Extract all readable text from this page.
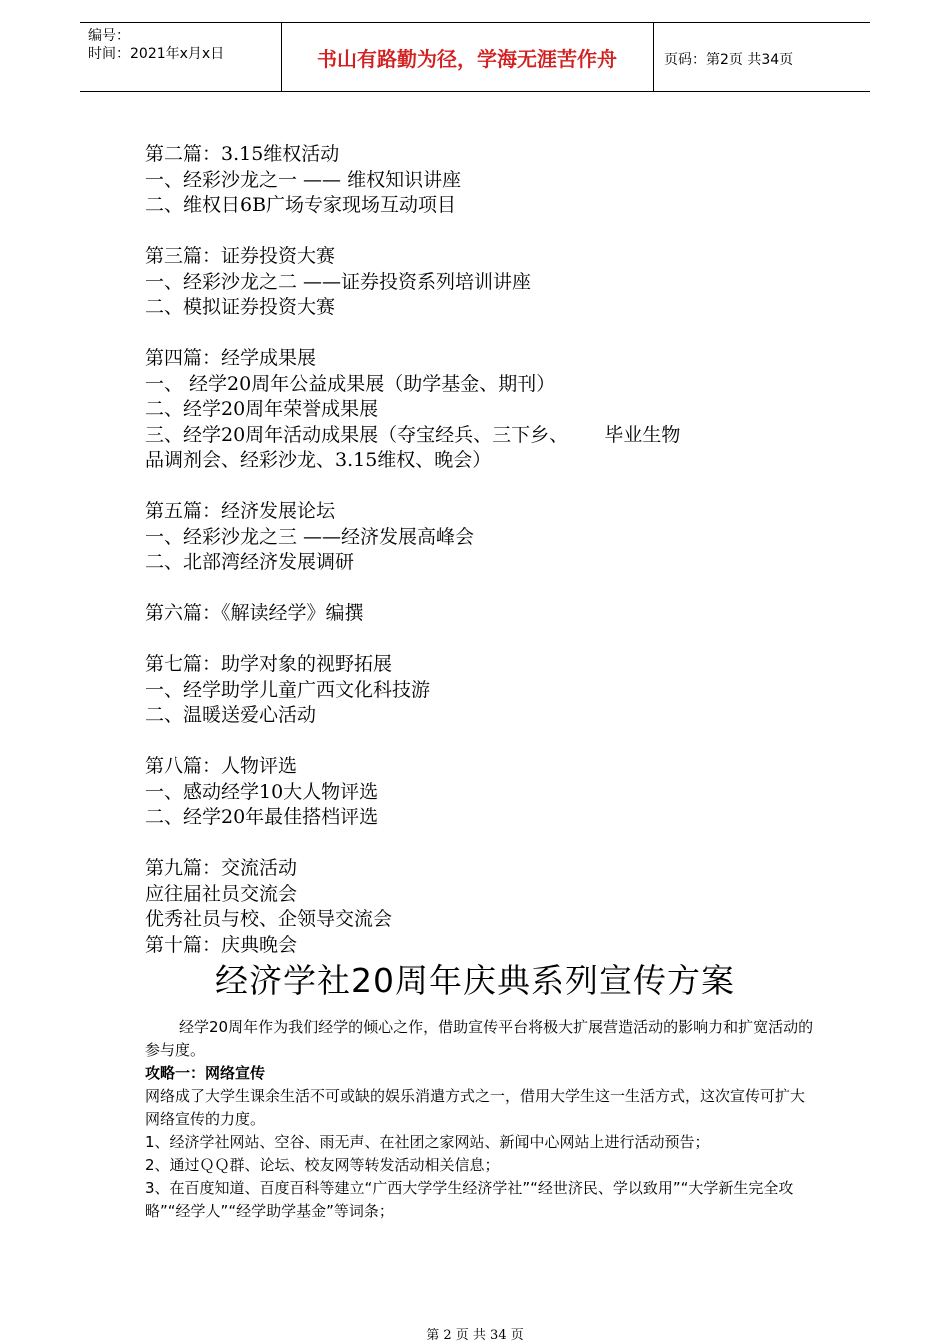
编号：
时间：2021年x月x日	书山有路勤为径，学海无涯苦作舟	页码：第2页 共34页
第二篇：3.15维权活动
一、经彩沙龙之一 —— 维权知识讲座
二、维权日6B广场专家现场互动项目
第三篇：证券投资大赛
一、经彩沙龙之二 ——证券投资系列培训讲座
二、模拟证券投资大赛
第四篇：经学成果展
一、 经学20周年公益成果展（助学基金、期刊）
二、经学20周年荣誉成果展
三、经学20周年活动成果展（夺宝经兵、三下乡、      毕业生物
品调剂会、经彩沙龙、3.15维权、晚会）
第五篇：经济发展论坛
一、经彩沙龙之三 ——经济发展高峰会
二、北部湾经济发展调研
第六篇：《解读经学》编撰
第七篇：助学对象的视野拓展
一、经学助学儿童广西文化科技游
二、温暖送爱心活动
第八篇：人物评选
一、感动经学10大人物评选
二、经学20年最佳搭档评选
第九篇：交流活动
应往届社员交流会
优秀社员与校、企领导交流会
第十篇：庆典晚会
经济学社20周年庆典系列宣传方案

经学20周年作为我们经学的倾心之作，借助宣传平台将极大扩展营造活动的影响力和扩宽活动的参与度。

攻略一：网络宣传

网络成了大学生课余生活不可或缺的娱乐消遣方式之一，借用大学生这一生活方式，这次宣传可扩大网络宣传的力度。

1、经济学社网站、空谷、雨无声、在社团之家网站、新闻中心网站上进行活动预告；

2、通过ＱＱ群、论坛、校友网等转发活动相关信息；

3、在百度知道、百度百科等建立“广西大学学生经济学社”“经世济民、学以致用”“大学新生完全攻略”“经学人”“经学助学基金”等词条；

第 2 页 共 34 页
